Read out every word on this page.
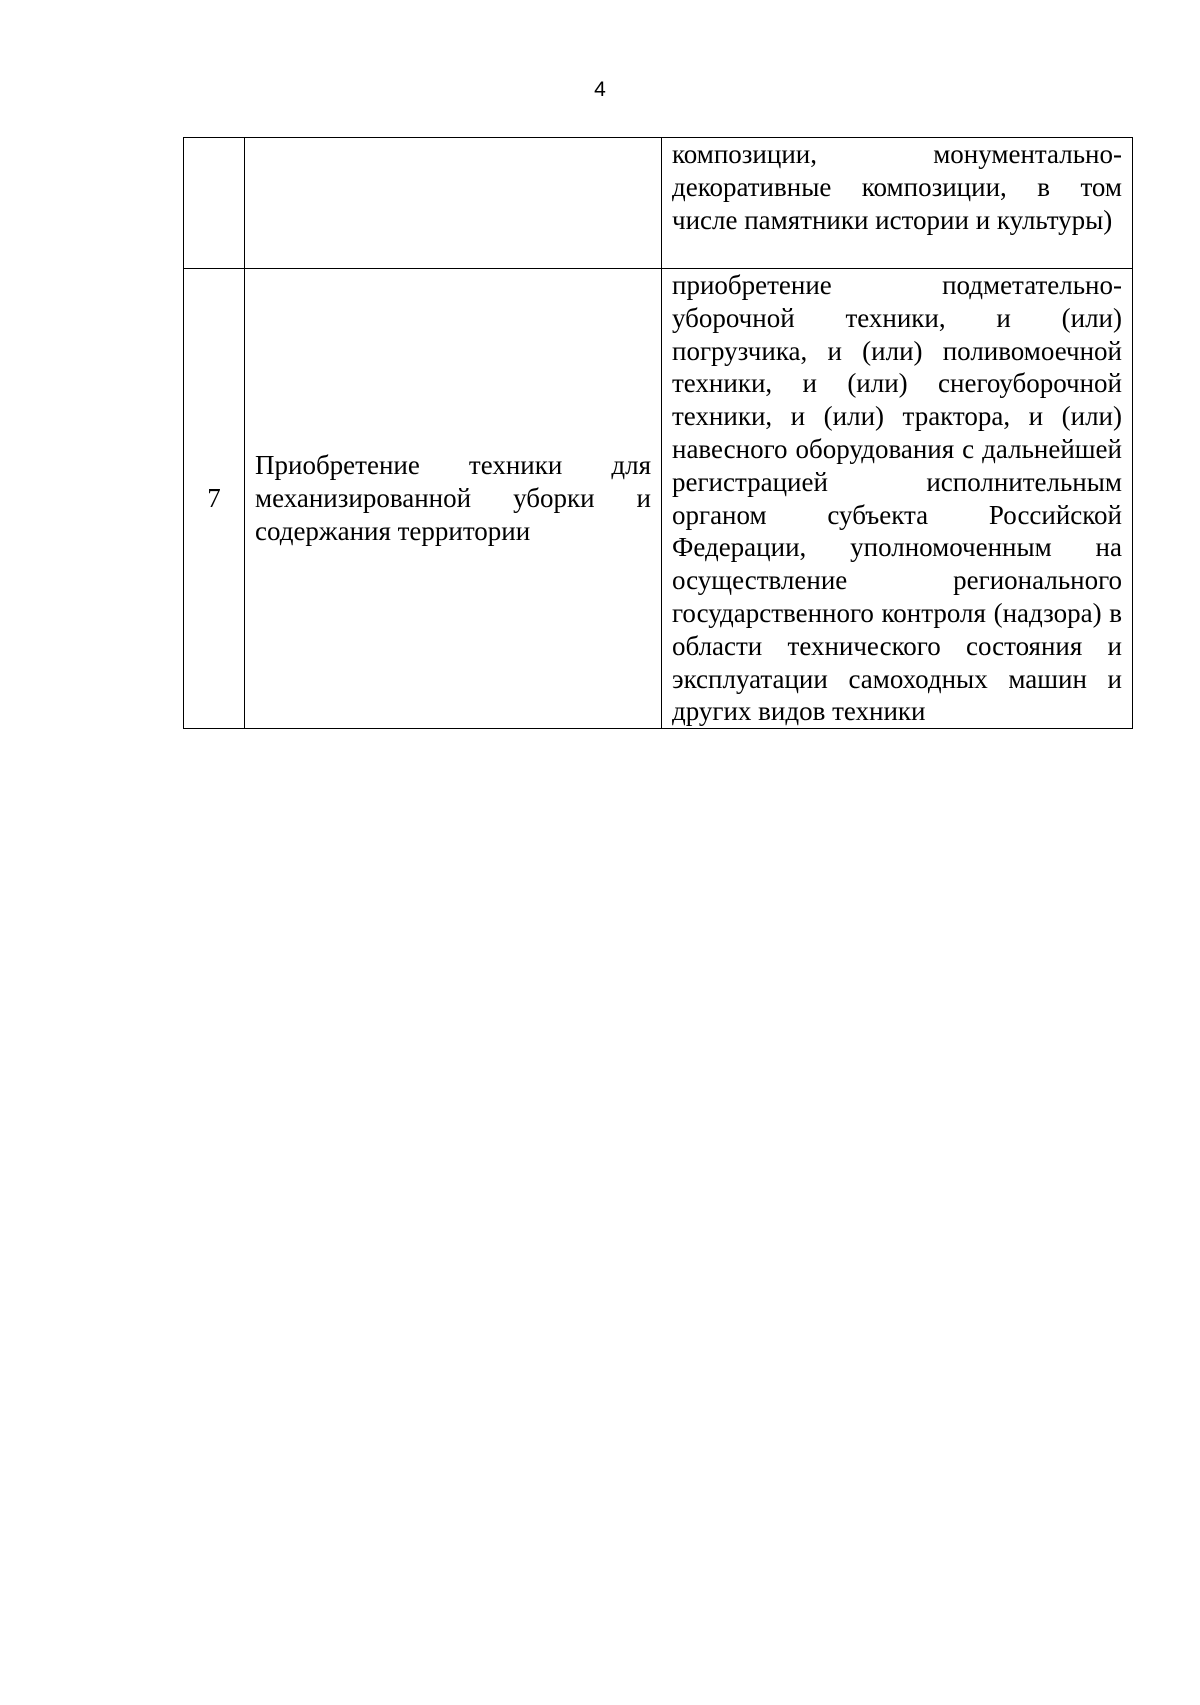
4
		композиции, монументально-декоративные композиции, в том числе памятники истории и культуры)
7	Приобретение техники для механизированной уборки и содержания территории	приобретение подметательно-уборочной техники, и (или) погрузчика, и (или) поливомоечной техники, и (или) снегоуборочной техники, и (или) трактора, и (или) навесного оборудования с дальнейшей регистрацией исполнительным органом субъекта Российской Федерации, уполномоченным на осуществление регионального государственного контроля (надзора) в области технического состояния и эксплуатации самоходных машин и других видов техники
